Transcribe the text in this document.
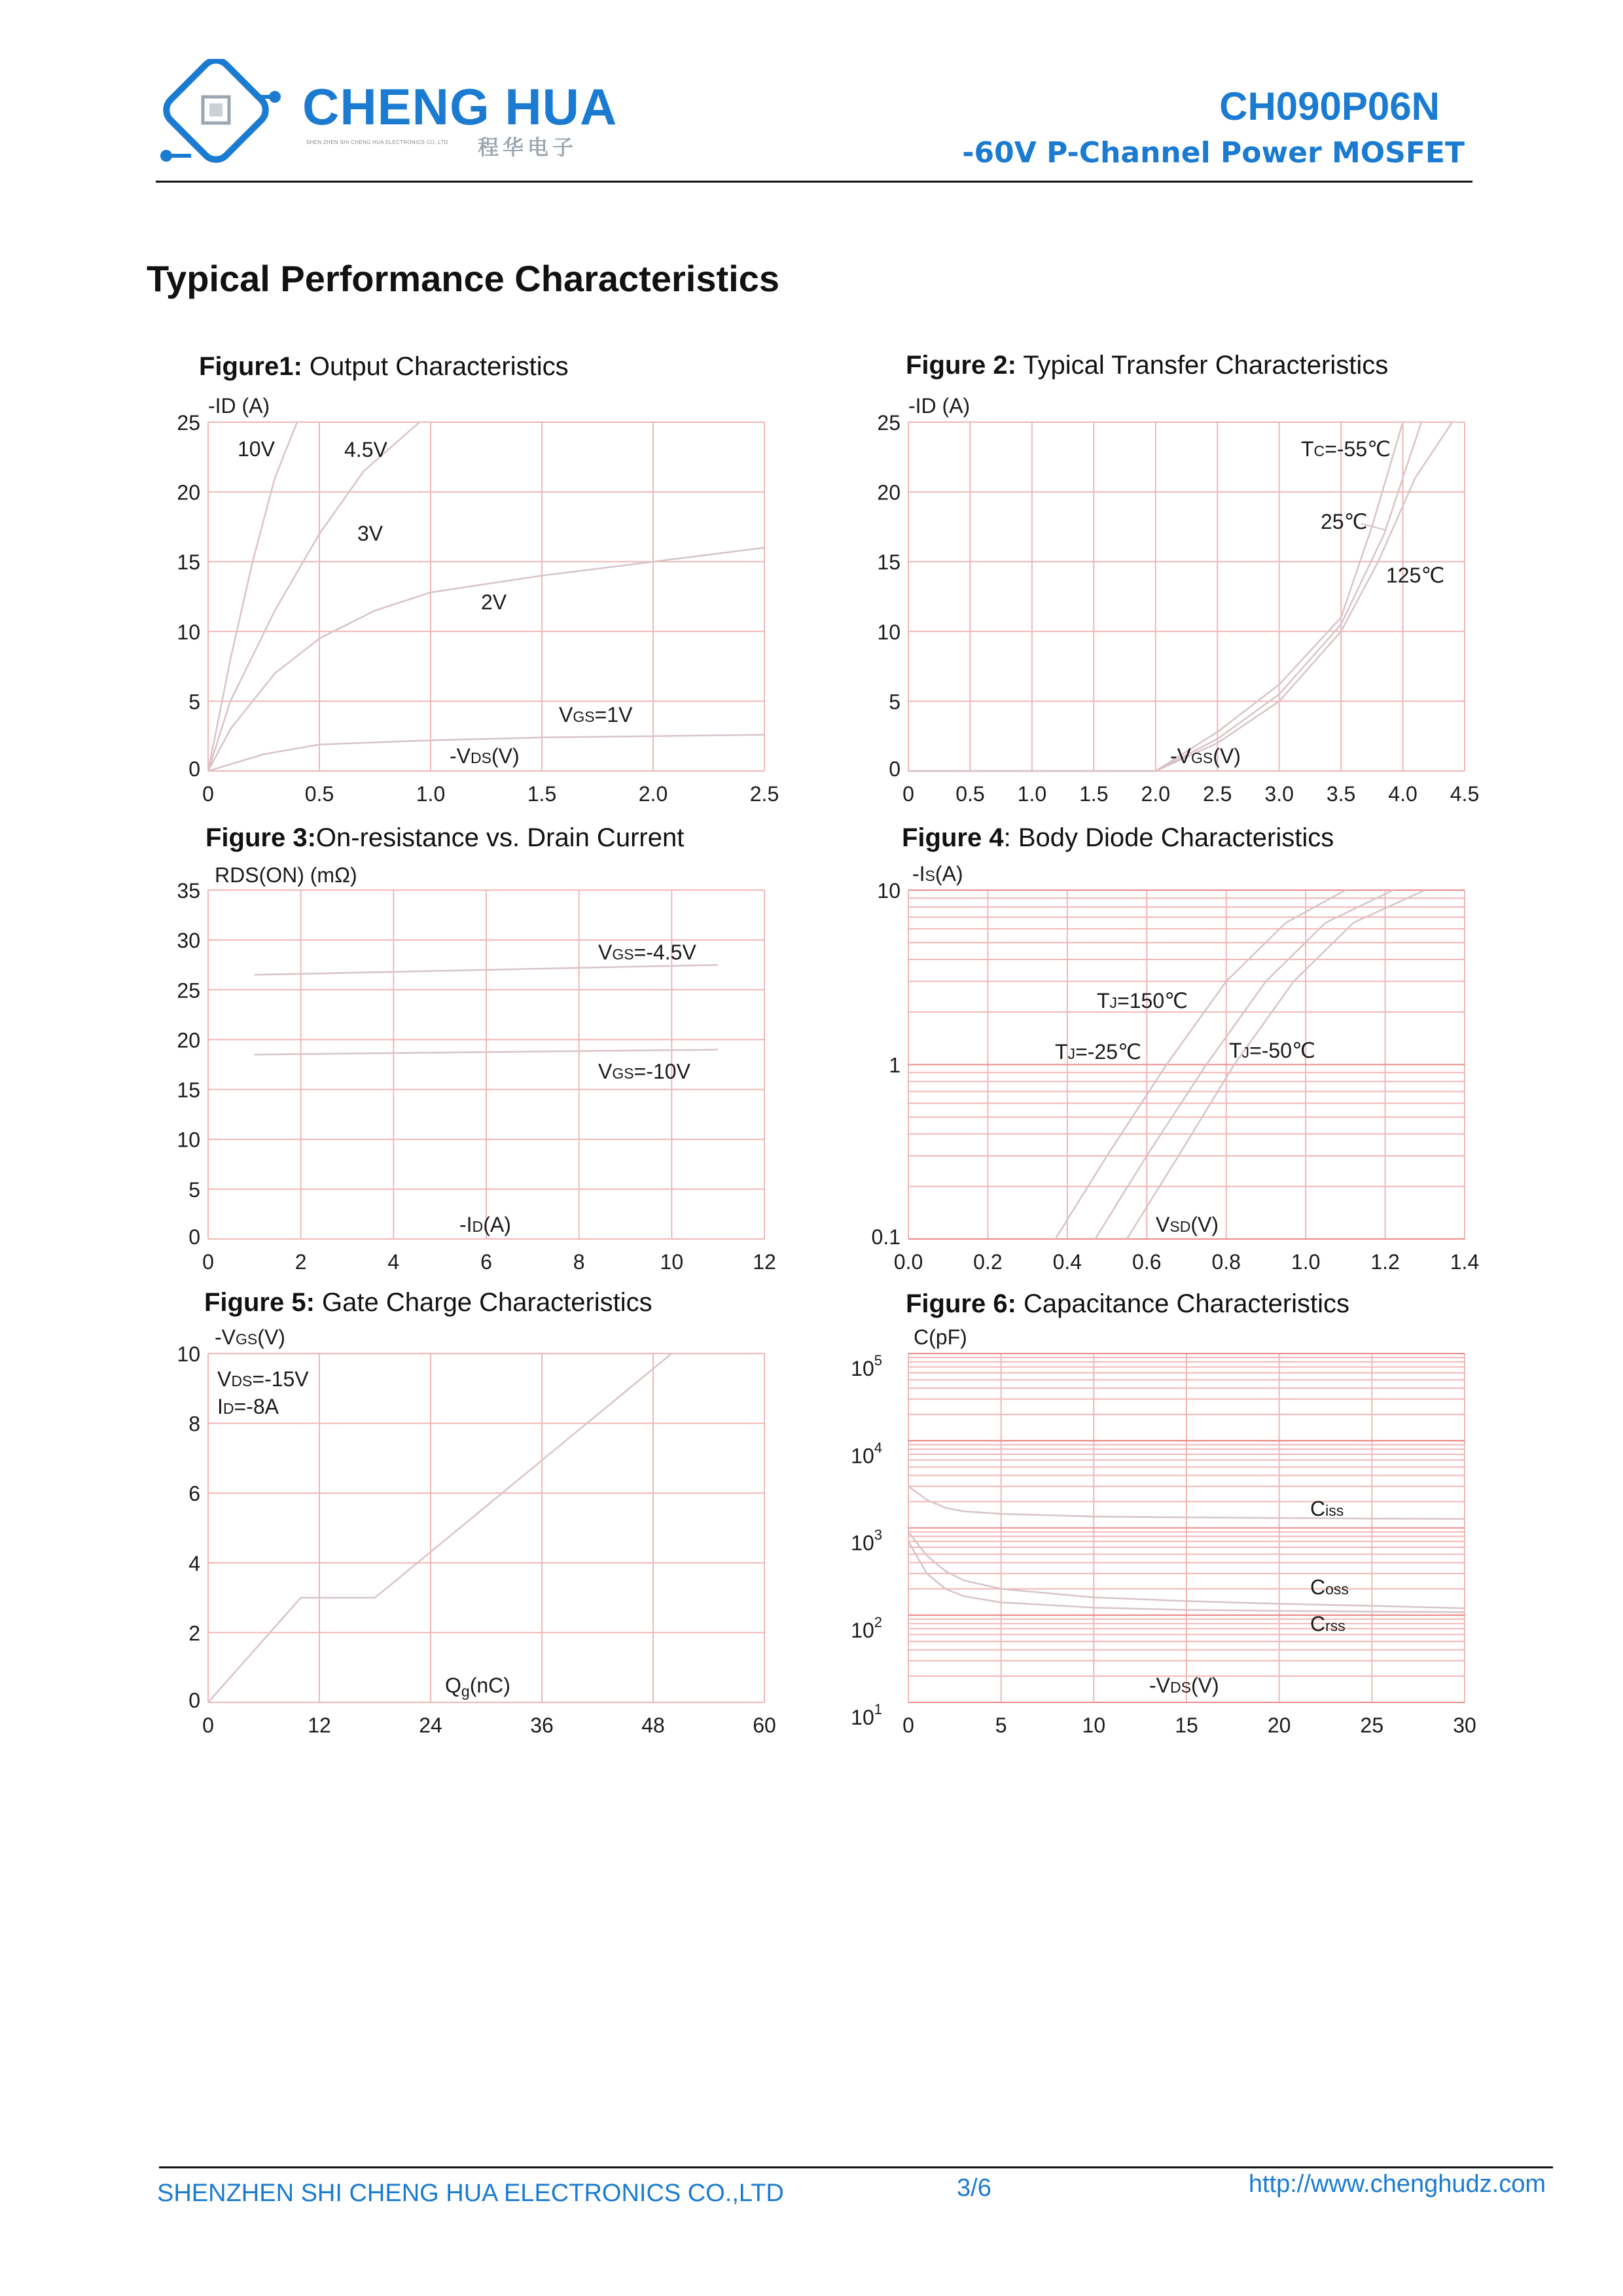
CHENG HUA
SHEN ZHEN SHI CHENG HUA ELECTRONICS CO.,LTD 程华电子
CH090P06N
-60V P-Channel Power MOSFET
Typical Performance Characteristics
Figure1: Output Characteristics	Figure 2: Typical Transfer Characteristics
Figure 3:On-resistance vs. Drain Current	Figure 4: Body Diode Characteristics
Figure 5: Gate Charge Characteristics	Figure 6: Capacitance Characteristics
0	0.5	1.0	1.5	2.0	2.5
0
5
10
15
20
25
-ID (A)
-VDS(V)
10V	4.5V
3V
2V
VGS=1V
0 0.5 1.0 1.5 2.0 2.5 3.0 3.5 4.0 4.5
0
5
10
15
20
25
-ID (A)
-VGS(V)
TC=-55℃
25℃
125℃
0	2	4	6	8	10	12
0
5
10
15
20
25
30
35
RDS(ON) (mΩ)
-ID(A)
VGS=-4.5V
VGS=-10V
0.0 0.2 0.4 0.6 0.8 1.0 1.2 1.4
0.1
1
10
-IS(A)
VSD(V)
TJ=150℃
TJ=-25℃	TJ=-50℃
0	12	24	36	48	60
0
2
4
6
8
10
-VGS(V)
Qg(nC)
VDS=-15V
ID=-8A
0	5	10	15	20	25	30
$10^1$
$10^2$
$10^3$
$10^4$
$10^5$
C(pF)
-VDS(V)
Ciss
Coss
Crss
SHENZHEN SHI CHENG HUA ELECTRONICS CO.,LTD	3/6	http://www.chenghudz.com
